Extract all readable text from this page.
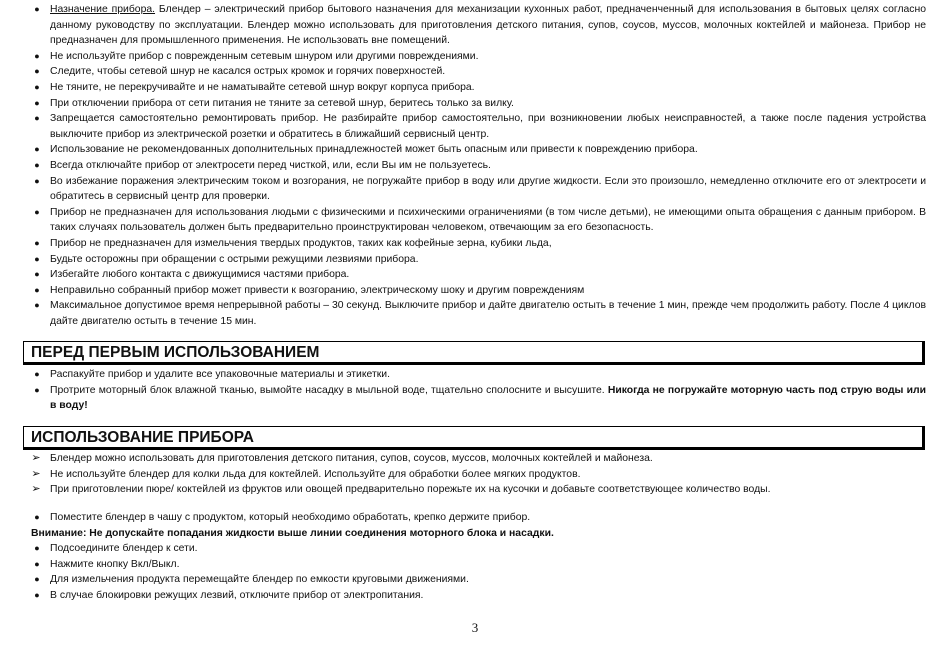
● Назначение прибора. Блендер – электрический прибор бытового назначения для механизации кухонных работ, предначенченный для использования в бытовых целях согласно данному руководству по эксплуатации. Блендер можно использовать для приготовления детского питания, супов, соусов, муссов, молочных коктейлей и майонеза. Прибор не предназначен для промышленного применения. Не использовать вне помещений.
● Не используйте прибор с поврежденным сетевым шнуром или другими повреждениями.
● Следите, чтобы сетевой шнур не касался острых кромок и горячих поверхностей.
● Не тяните, не перекручивайте и не наматывайте сетевой шнур вокруг корпуса прибора.
● При отключении прибора от сети питания не тяните за сетевой шнур, беритесь только за вилку.
● Запрещается самостоятельно ремонтировать прибор. Не разбирайте прибор самостоятельно, при возникновении любых неисправностей, а также после падения устройства выключите прибор из электрической розетки и обратитесь в ближайший сервисный центр.
● Использование не рекомендованных дополнительных принадлежностей может быть опасным или привести к повреждению прибора.
● Всегда отключайте прибор от электросети перед чисткой, или, если Вы им не пользуетесь.
● Во избежание поражения электрическим током и возгорания, не погружайте прибор в воду или другие жидкости. Если это произошло, немедленно отключите его от электросети и обратитесь в сервисный центр для проверки.
● Прибор не предназначен для использования людьми с физическими и психическими ограничениями (в том числе детьми), не имеющими опыта обращения с данным прибором. В таких случаях пользователь должен быть предварительно проинструктирован человеком, отвечающим за его безопасность.
● Прибор не предназначен для измельчения твердых продуктов, таких как кофейные зерна, кубики льда,
● Будьте осторожны при обращении с острыми режущими лезвиями прибора.
● Избегайте любого контакта с движущимися частями прибора.
● Неправильно собранный прибор может привести к возгоранию, электрическому шоку и другим повреждениям
● Максимальное допустимое время непрерывной работы – 30 секунд. Выключите прибор и дайте двигателю остыть в течение 1 мин, прежде чем продолжить работу. После 4 циклов дайте двигателю остыть в течение 15 мин.
ПЕРЕД ПЕРВЫМ ИСПОЛЬЗОВАНИЕМ
● Распакуйте прибор и удалите все упаковочные материалы и этикетки.
● Протрите моторный блок влажной тканью, вымойте насадку в мыльной воде, тщательно сполосните и высушите. Никогда не погружайте моторную часть под струю воды или в воду!
ИСПОЛЬЗОВАНИЕ ПРИБОРА
➢ Блендер можно использовать для приготовления детского питания, супов, соусов, муссов, молочных коктейлей и майонеза.
➢ Не используйте блендер для колки льда для коктейлей. Используйте для обработки более мягких продуктов.
➢ При приготовлении пюре/ коктейлей из фруктов или овощей предварительно порежьте их на кусочки и добавьте соответствующее количество воды.
● Поместите блендер в чашу с продуктом, который необходимо обработать, крепко держите прибор.
Внимание: Не допускайте попадания жидкости выше линии соединения моторного блока и насадки.
● Подсоедините блендер к сети.
● Нажмите кнопку Вкл/Выкл.
● Для измельчения продукта перемещайте блендер по емкости круговыми движениями.
● В случае блокировки режущих лезвий, отключите прибор от электропитания.
3
